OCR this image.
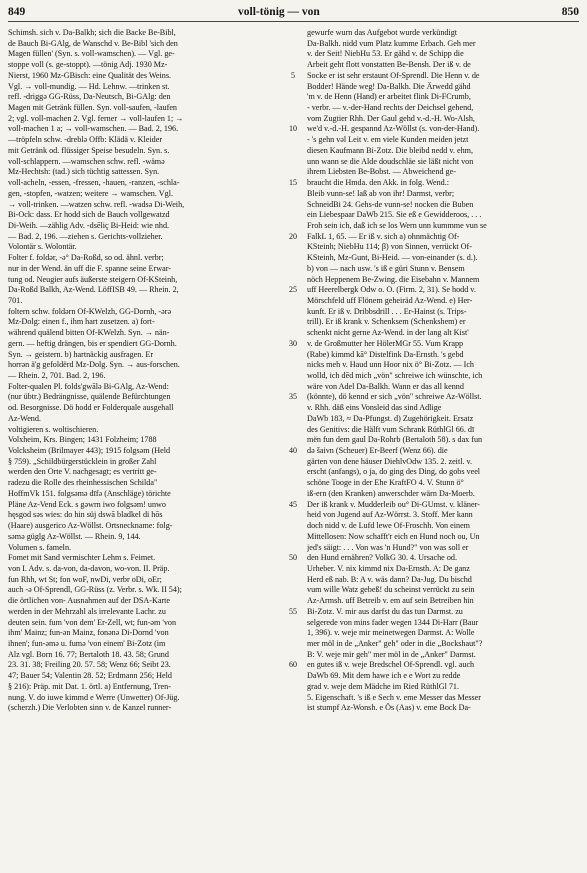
849	voll-tönig — von	850
Schimsh. sich v. Da-Balkh; sich die Backe Be-Bibl,
de Bauch Bi-GAlg, de Wanschd v. Be-Bibl 'sich den
Magen füllen' (Syn. s. voll-wamschen). — Vgl. ge-
stoppe voll (s. ge-stoppt). —tönig Adj. 1930 Mz-
Nierst, 1960 Mz-GBisch: eine Qualität des Weins.
Vgl. → voll-mundig. — Hd. Lehnw. —trinken st.
refl. -driggə GG-Rüss, Da-Neutsch, Bi-GAlg: den
Magen mit Getränk füllen. Syn. voll-saufen, -laufen
2; vgl. voll-machen 2. Vgl. ferner → voll-laufen 1; →
voll-machen 1 a; → voll-wamschen. — Bad. 2, 196.
—tröpfeln schw. -dreblə Offb: Klädä v. Kleider
mit Getränk od. flüssiger Speise besudeln. Syn. s.
voll-schlappern. —wamschen schw. refl. -wämə
Mz-Hechtsh: (tad.) sich tüchtig sattessen. Syn.
voll-acheln, -essen, -fressen, -hauen, -ranzen, -schla-
gen, -stopfen, -watzen; weitere → wamschen. Vgl.
→ voll-trinken. —watzen schw. refl. -wadsə Di-Weih,
Bi-Ock: dass. Er hodd sich de Bauch vollgewatzd
Di-Weih. —zählig Adv. -dsēliç Bi-Heid: wie nhd.
— Bad. 2, 196. —ziehen s. Gerichts-vollzieher.
Volontär s. Wolontär.
Folter f. foldər, -ə° Da-Roßd, so od. ähnl. verbr;
nur in der Wend. än uff die F. spanne seine Erwar-
tung od. Neugier aufs äußerste steigern Of-KSteinh,
Da-Roßd Balkh, Az-Wend. LöffISB 49. — Rhein. 2,
701.
foltern schw. foldərn Of-KWelzh, GG-Dornh, -ərə
Mz-Dolg: einen f., ihm hart zusetzen. a) fort-
während quälend bitten Of-KWelzh. Syn. → nän-
gern. — heftig drängen, bis er spendiert GG-Dornh.
Syn. → geistern. b) hartnäckig ausfragen. Er
horrən ä'g gefoldërd Mz-Dolg. Syn. → aus-forschen.
— Rhein. 2, 701. Bad. 2, 196.
Folter-qualen Pl. folds'gwālə Bi-GAlg, Az-Wend:
(nur übtr.) Bedrängnisse, quälende Befürchtungen
od. Besorgnisse. Dö hodd er Folderquale ausgehall
Az-Wend.
voltigieren s. woltischieren.
Volxheim, Krs. Bingen; 1431 Folzheim; 1788
Volcksheim (Brilmayer 443); 1915 folgsəm (Held
§ 759). „Schildbürgerstücklein in großer Zahl
werden den Orte V. nachgesagt; es vertritt ge-
radezu die Rolle des rheinhessischen Schilda"
HoffmVk 151. folgsəmə dīfə (Anschläge) törichte
Pläne Az-Vend Eck. s gəwrn iwo folgsəm! unwo
hęsgod səs wies: do hin süj dswā bladkel di hōs
(Haare) ausgerico Az-Wöllst. Ortsneckname: folg-
səmə güglg Az-Wöllst. — Rhein. 9, 144.
Volumen s. fameln.
Fomet mit Sand vermischter Lehm s. Feimet.
von I. Adv. s. da-von, da-davon, wo-von. II. Präp.
fun Rhh, wt St; fon woF, nwDi, verbr oDi, oEr;
auch -ə Of-Sprendl, GG-Rüss (z. Verbr. s. Wk. II 54);
die örtlichen von- Ausnahmen auf der DSA-Karte
werden in der Mehrzahl als irrelevante Lachr. zu
deuten sein. fum 'von dem' Er-Zell, wt; fun-əm 'von
ihm' Mainz; fun-ən Mainz, fonənə Di-Dornd 'von
ihnen'; fun-əmə u. fumə 'von einem' Bi-Zotz (im
Alz vgl. Born 16. 77; Bertaloth 18. 43. 58; Grund
23. 31. 38; Freiling 20. 57. 58; Wenz 66; Seibt 23.
47; Bauer 54; Valentin 28. 52; Erdmann 256; Held
§ 216): Präp. mit Dat. 1. örtl. a) Entfernung, Tren-
nung. V. do iuwe kimmd e Werre (Unwetter) Of-Jüg.
(scherzh.) Die Verlobten sinn v. de Kanzel runner-
5
10
15
20
25
30
35
40
45
50
55
60
gewurfe wurn das Aufgebot wurde verkündigt
Da-Balkh. nidd vum Platz kumme Erbach. Geh mer
v. der Seit! NiebHu 53. Er gähd v. de Schipp die
Arbeit geht flott vonstatten Be-Bensh. Der iß v. de
Socke er ist sehr erstaunt Of-Sprendl. Die Henn v. de
Bodder! Hände weg! Da-Balkh. Die Ärwedd gähd
'm v. de Henn (Hand) er arbeitet flink Di-FCrumb,
- verbr. — v.-der-Hand rechts der Deichsel gehend,
vom Zugtier Rhh. Der Gaul gehd v.-d.-H. Wo-Alsh,
we'd v.-d.-H. gespannd Az-Wöllst (s. von-der-Hand).
- 's gehn vəl Leit v. em viele Kunden meiden jetzt
diesen Kaufmann Bi-Zotz. Die bleibd nedd v. ehm,
unn wann se die Alde doudschläe sie läßt nicht von
ihrem Liebsten Be-Bobst. — Abweichend ge-
braucht die Hmda. den Akk. in folg. Wend.:
Bleib vunn-se! laß ab von ihr! Darmst, verbr;
SchneidBi 24. Gehs-de vunn-se! nocken die Buben
ein Liebespaar DaWb 215. Sie eß e Gewidderoos, . . .
Froh sein ich, daß ich se los Wern unn kummme vun se
FalkL 1, 65. — Er iß v. sich a) ohnmächtig Of-
KSteinh; NiebHu 114; β) von Sinnen, verrückt Of-
KSteinh, Mz-Gunt, Bi-Heid. — von-einander (s. d.).
b) von — nach usw. 's iß e güri Stunn v. Bensem
nöch Heppenem Be-Zwing. die Eisebahn v. Mannem
uff Heerelbergk Odw o. O. (Firm. 2, 31). Se hodd v.
Mörschfeld uff Flönem geheiräd Az-Wend. e) Her-
kunft. Er iß v. Dribbsdrill . . . Er-Hainst (s. Trips-
trill). Er iß krank v. Schenksem (Schenkshem) er
schenkt nicht gerne Az-Wend. in der lang alt Kist'
v. de Großmutter her HölerMGr 55. Vum Krapp
(Rabe) kimmd kā° Distelfink Da-Ernsth. 's gebd
nicks meh v. Haud unn Hoor nix ö° Bi-Zotz. — Ich
wolld, ich dēd mich „vön" schreiwe ich wünschte, ich
wäre von Adel Da-Balkh. Wann er das all kennd
(könnte), dö kennd er sich „vön" schreiwe Az-Wöllst.
v. Rhh. däß eins Vonsleid das sind Adlige
DaWb 183, ≈ Da-Pfungst. d) Zugehörigkeit. Ersatz
des Genitivs: die Hälft vum Schrank RüthlGl 66. dī
mën fun dem gaul Da-Rohrb (Bertaloth 58). s dax fun
də šaivn (Scheuer) Er-Beerf (Wenz 66). die
gärten von dene häuser DiehlvOdw 135. 2. zeitl. v.
erscht (anfangs), o ja, do ging des Ding, do gobs veel
schöne Tooge in der Ehe KraftFO 4. V. Stunn ö°
iß-ern (den Kranken) anwerschder wärn Da-Moerb.
Der iß krank v. Mudderleib ou° Di-GUmst. v. kläner-
heid von Jugend auf Az-Wörrst. 3. Stoff. Mer kann
doch nidd v. de Lufd lewe Of-Froschh. Von einem
Mittellosen: Now schafft'r eich en Hund noch ou, Un
jed's säigt: . . . Von was 'n Hund?" von was soll er
den Hund ernähren? VolkG 30. 4. Ursache od.
Urheber. V. nix kimmd nix Da-Ernsth. A: De ganz
Herd eß nab. B: A v. wäs dann? Da-Jug. Du bischd
vum wille Watz gebeß! du scheinst verrückt zu sein
Az-Armsh. uff Betreib v. em auf sein Betreiben hin
Bi-Zotz. V. mir aus darfst du das tun Darmst. zu
selgerede von mins fader wegen 1344 Di-Harr (Baur
1, 396). v. weje mir meinetwegen Darmst. A: Wolle
mer möl in de „Anker" geh" oder in die „Bockshaut"?
B: V. weje mir geh" mer möl in de „Anker" Darmst.
en gutes iß v. weje Bredschel Of-Sprendl. vgl. auch
DaWb 69. Mit dem hawe ich e e Wort zu redde
grad v. weje dem Mädche im Ried RüthlGl 71.
5. Eigenschaft. 's iß e Sech v. eme Messer das Messer
ist stumpf Az-Wonsh. e Ös (Aas) v. eme Bock Da-
